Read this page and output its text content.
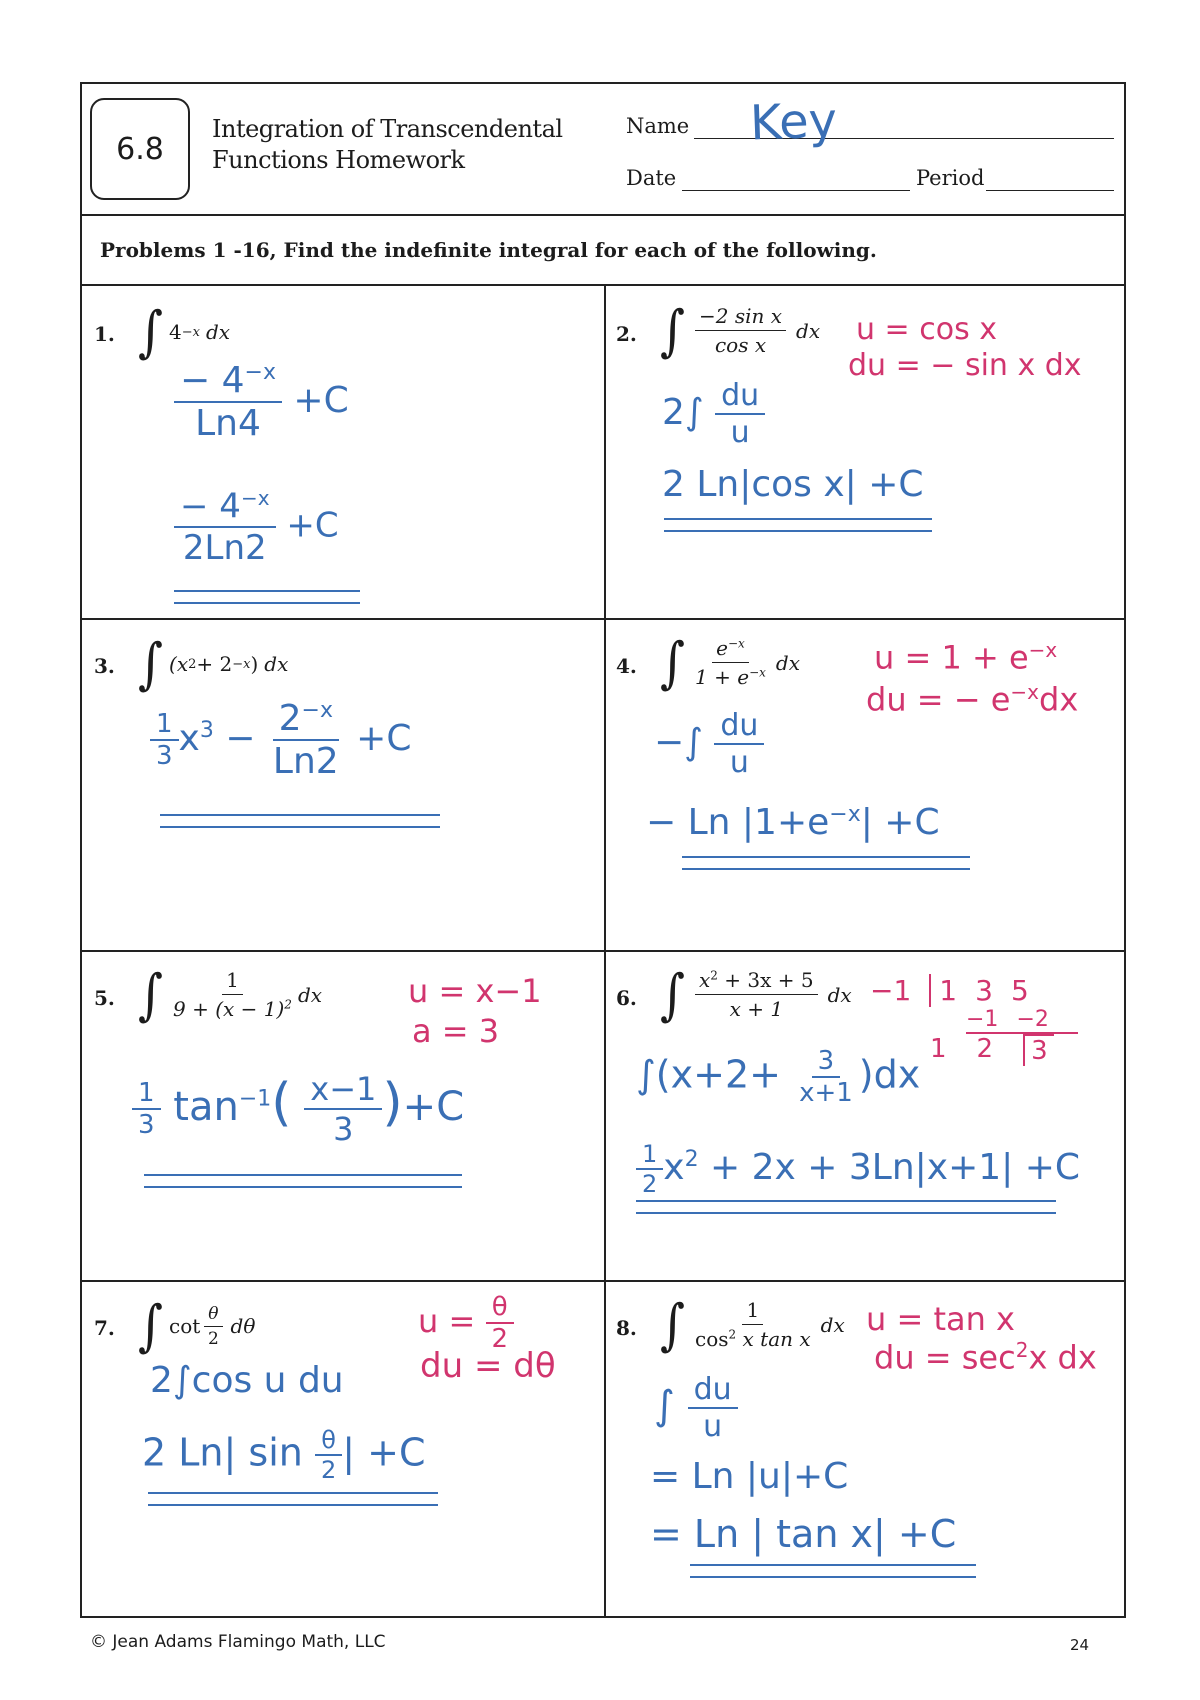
6.8
Integration of Transcendental
Functions Homework
Name Key
Date	Period
Problems 1 -16, Find the indefinite integral for each of the following.
1. ∫ 4 −x dx
$\frac{- 4^{-x}}{Ln4} +C$
$\frac{- 4^{-x}}{2Ln2} +C$
2. ∫ $\frac{\text{−2 sin x}}{\text{cos x}}$ dx u = cos x
du = − sin x dx
$2\int \frac{du}{u}$
2 Ln|cos x| +C
3. ∫ (x 2 + 2 −x ) dx
$\frac{1}{3} x^3 - \frac{2^{-x}}{Ln2} +C$
4. ∫ $\frac{e^{-x}}{1 + e^{-x}}$ dx $u = 1 + e^{-x}$
du = − $e^{-x}dx$
−∫ $\frac{du}{u}$
− Ln $|1+e^{-x}| +C$
5. ∫ $\frac{1}{9 + (x - 1)^2}$ dx	u = x−1
a = 3
$\frac{1}{3} \tan^{-1}( \frac{x-1}{3} )+C$
6. ∫ $\frac{x^2 + 3x + 5}{x + 1}$ dx −1	1 3 5
−1 −2
1 2	3
$\int(x+2+ \frac{3}{x+1} )dx$
$\frac{1}{2} x^2 + 2x + 3Ln|x+1| +C$
7. ∫ $\cot \frac{\theta}{2}$ dθ	$u = \frac{\theta}{2}$
du = dθ
2∫cos u du
2 Ln| $\sin \frac{\theta}{2}$ | +C
8. ∫ $\frac{1}{\cos^2 x \tan x}$ dx u = tan x
du = $\sec^2x$ dx
∫ $\frac{du}{u}$
= Ln |u|+C
= Ln | tan x| +C
© Jean Adams Flamingo Math, LLC	24
